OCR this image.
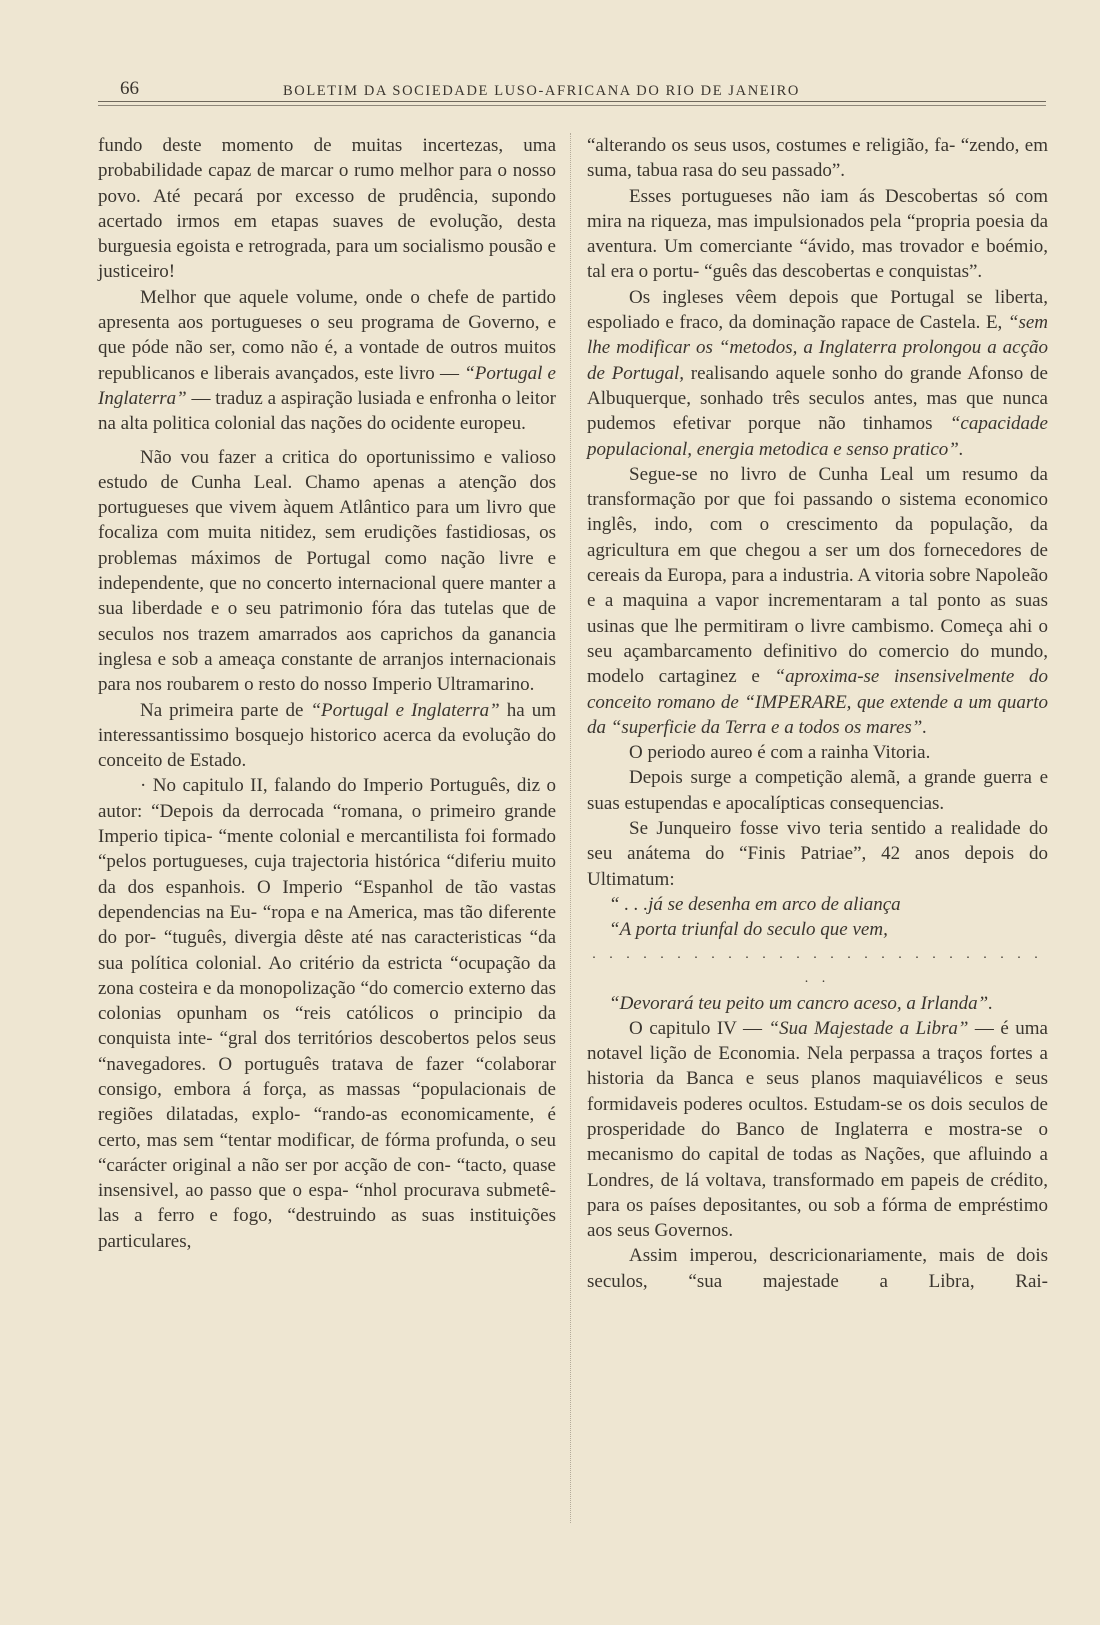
66	BOLETIM DA SOCIEDADE LUSO-AFRICANA DO RIO DE JANEIRO

fundo deste momento de muitas incertezas, uma probabilidade capaz de marcar o rumo melhor para o nosso povo. Até pecará por excesso de prudência, supondo acertado irmos em etapas suaves de evolução, desta burguesia egoista e retrograda, para um socialismo pousão e justiceiro!

Melhor que aquele volume, onde o chefe de partido apresenta aos portugueses o seu programa de Governo, e que póde não ser, como não é, a vontade de outros muitos republicanos e liberais avançados, este livro — “Portugal e Inglaterra” — traduz a aspiração lusiada e enfronha o leitor na alta politica colonial das nações do ocidente europeu.

Não vou fazer a critica do oportunissimo e valioso estudo de Cunha Leal. Chamo apenas a atenção dos portugueses que vivem àquem Atlântico para um livro que focaliza com muita nitidez, sem erudições fastidiosas, os problemas máximos de Portugal como nação livre e independente, que no concerto internacional quere manter a sua liberdade e o seu patrimonio fóra das tutelas que de seculos nos trazem amarrados aos caprichos da ganancia inglesa e sob a ameaça constante de arranjos internacionais para nos roubarem o resto do nosso Imperio Ultramarino.

Na primeira parte de “Portugal e Inglaterra” ha um interessantissimo bosquejo historico acerca da evolução do conceito de Estado.

· No capitulo II, falando do Imperio Português, diz o autor: “Depois da derrocada “romana, o primeiro grande Imperio tipica- “mente colonial e mercantilista foi formado “pelos portugueses, cuja trajectoria histórica “diferiu muito da dos espanhois. O Imperio “Espanhol de tão vastas dependencias na Eu- “ropa e na America, mas tão diferente do por- “tuguês, divergia dêste até nas caracteristicas “da sua política colonial. Ao critério da estricta “ocupação da zona costeira e da monopolização “do comercio externo das colonias opunham os “reis católicos o principio da conquista inte- “gral dos territórios descobertos pelos seus “navegadores. O português tratava de fazer “colaborar consigo, embora á força, as massas “populacionais de regiões dilatadas, explo- “rando-as economicamente, é certo, mas sem “tentar modificar, de fórma profunda, o seu “carácter original a não ser por acção de con- “tacto, quase insensivel, ao passo que o espa- “nhol procurava submetê-las a ferro e fogo, “destruindo as suas instituições particulares,

“alterando os seus usos, costumes e religião, fa- “zendo, em suma, tabua rasa do seu passado”.

Esses portugueses não iam ás Descobertas só com mira na riqueza, mas impulsionados pela “propria poesia da aventura. Um comerciante “ávido, mas trovador e boémio, tal era o portu- “guês das descobertas e conquistas”.

Os ingleses vêem depois que Portugal se liberta, espoliado e fraco, da dominação rapace de Castela. E, “sem lhe modificar os “metodos, a Inglaterra prolongou a acção de Portugal, realisando aquele sonho do grande Afonso de Albuquerque, sonhado três seculos antes, mas que nunca pudemos efetivar porque não tinhamos “capacidade populacional, energia metodica e senso pratico”.

Segue-se no livro de Cunha Leal um resumo da transformação por que foi passando o sistema economico inglês, indo, com o crescimento da população, da agricultura em que chegou a ser um dos fornecedores de cereais da Europa, para a industria. A vitoria sobre Napoleão e a maquina a vapor incrementaram a tal ponto as suas usinas que lhe permitiram o livre cambismo. Começa ahi o seu açambarcamento definitivo do comercio do mundo, modelo cartaginez e “aproxima-se insensivelmente do conceito romano de “IMPERARE, que extende a um quarto da “superficie da Terra e a todos os mares”.

O periodo aureo é com a rainha Vitoria.

Depois surge a competição alemã, a grande guerra e suas estupendas e apocalípticas consequencias.

Se Junqueiro fosse vivo teria sentido a realidade do seu anátema do “Finis Patriae”, 42 anos depois do Ultimatum:

“ . . .já se desenha em arco de aliança

“A porta triunfal do seculo que vem,

. . . . . . . . . . . . . . . . . . . . . . . . . . . . .

“Devorará teu peito um cancro aceso, a Irlanda”.

O capitulo IV — “Sua Majestade a Libra” — é uma notavel lição de Economia. Nela perpassa a traços fortes a historia da Banca e seus planos maquiavélicos e seus formidaveis poderes ocultos. Estudam-se os dois seculos de prosperidade do Banco de Inglaterra e mostra-se o mecanismo do capital de todas as Nações, que afluindo a Londres, de lá voltava, transformado em papeis de crédito, para os países depositantes, ou sob a fórma de empréstimo aos seus Governos.

Assim imperou, descricionariamente, mais de dois seculos, “sua majestade a Libra, Rai-
